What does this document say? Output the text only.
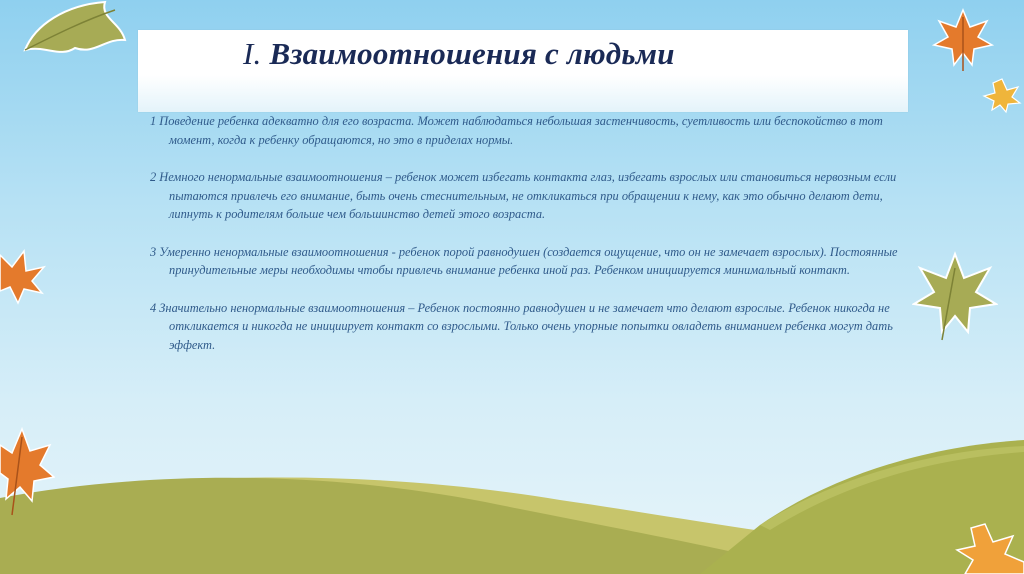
I. Взаимоотношения с людьми

1 Поведение ребенка адекватно для его возраста. Может наблюдаться небольшая застенчивость, суетливость или беспокойство в тот момент, когда к ребенку обращаются, но это в приделах нормы.

2 Немного ненормальные взаимоотношения – ребенок может избегать контакта глаз, избегать взрослых или становиться нервозным если пытаются привлечь его внимание, быть очень стеснительным, не откликаться при обращении к нему, как это обычно делают дети, липнуть к родителям больше чем большинство детей этого возраста.

3 Умеренно ненормальные взаимоотношения - ребенок порой равнодушен (создается ощущение, что он не замечает взрослых). Постоянные принудительные меры необходимы чтобы привлечь внимание ребенка иной раз. Ребенком инициируется минимальный контакт.

4 Значительно ненормальные взаимоотношения – Ребенок постоянно равнодушен и не замечает что делают взрослые. Ребенок никогда не откликается и никогда не инициирует контакт со взрослыми. Только очень упорные попытки овладеть вниманием ребенка могут дать эффект.
